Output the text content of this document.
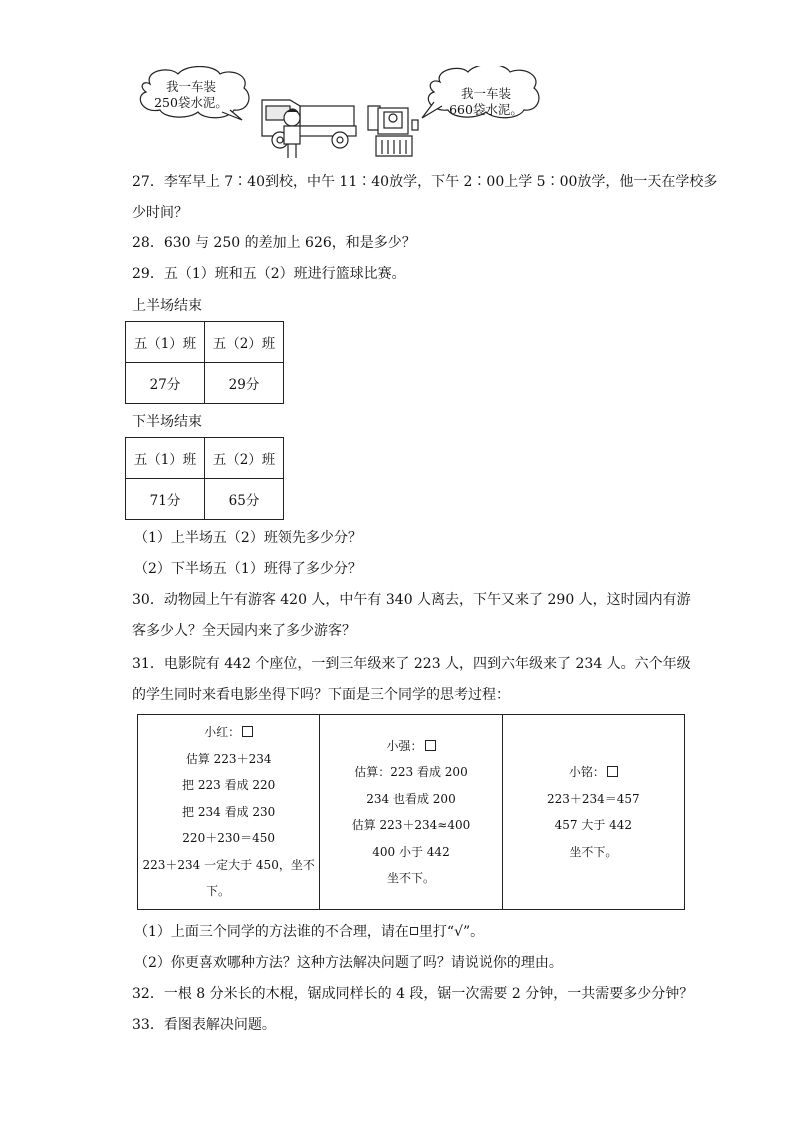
我一车装
250袋水泥。
我一车装
660袋水泥。
27．李军早上 7∶40到校，中午 11∶40放学，下午 2∶00上学 5∶00放学，他一天在学校多
少时间？
28．630 与 250 的差加上 626，和是多少？
29．五（1）班和五（2）班进行篮球比赛。
上半场结束
五（1）班	五（2）班
27分	29分
下半场结束
五（1）班	五（2）班
71分	65分
（1）上半场五（2）班领先多少分？
（2）下半场五（1）班得了多少分？
30．动物园上午有游客 420 人，中午有 340 人离去，下午又来了 290 人，这时园内有游
客多少人？全天园内来了多少游客？
31．电影院有 442 个座位，一到三年级来了 223 人，四到六年级来了 234 人。六个年级
的学生同时来看电影坐得下吗？下面是三个同学的思考过程：
小红：
估算 223＋234
把 223 看成 220
把 234 看成 230
220＋230＝450
223＋234 一定大于 450，坐不
下。

小强：
估算：223 看成 200
234 也看成 200
估算 223＋234≈400
400 小于 442
坐不下。

小铭：
223＋234＝457
457 大于 442
坐不下。
（1）上面三个同学的方法谁的不合理，请在 里打“√”。
（2）你更喜欢哪种方法？这种方法解决问题了吗？请说说你的理由。
32．一根 8 分米长的木棍，锯成同样长的 4 段，锯一次需要 2 分钟，一共需要多少分钟？
33．看图表解决问题。
